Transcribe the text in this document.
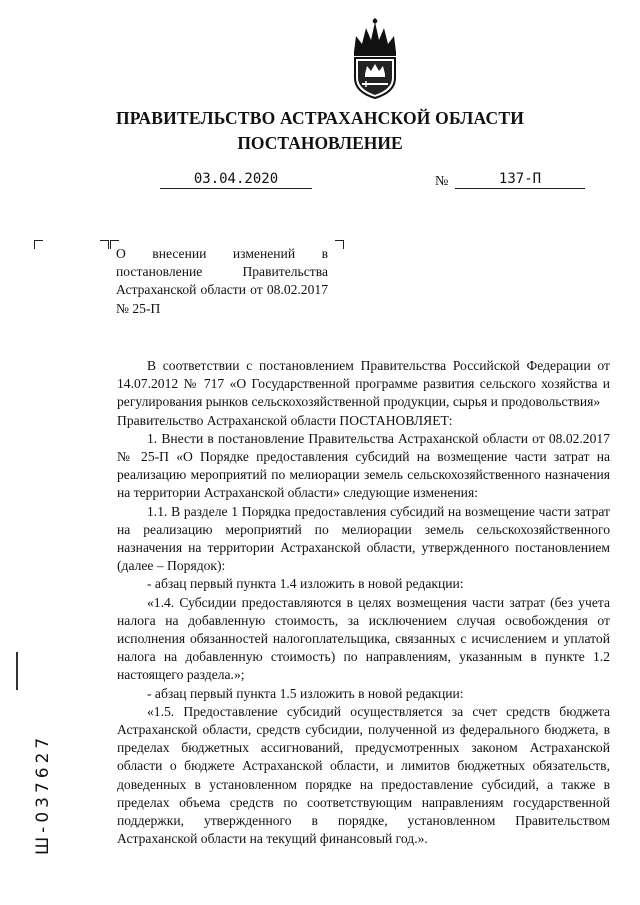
ПРАВИТЕЛЬСТВО АСТРАХАНСКОЙ ОБЛАСТИ
ПОСТАНОВЛЕНИЕ
03.04.2020	№	137-П
О внесении изменений в постановление Правительства Астраханской области от 08.02.2017 № 25-П

В соответствии с постановлением Правительства Российской Федерации от 14.07.2012 № 717 «О Государственной программе развития сельского хозяйства и регулирования рынков сельскохозяйственной продукции, сырья и продовольствия»

Правительство Астраханской области ПОСТАНОВЛЯЕТ:

1. Внести в постановление Правительства Астраханской области от 08.02.2017 № 25-П «О Порядке предоставления субсидий на возмещение части затрат на реализацию мероприятий по мелиорации земель сельскохозяйственного назначения на территории Астраханской области» следующие изменения:

1.1. В разделе 1 Порядка предоставления субсидий на возмещение части затрат на реализацию мероприятий по мелиорации земель сельскохозяйственного назначения на территории Астраханской области, утвержденного постановлением (далее – Порядок):

- абзац первый пункта 1.4 изложить в новой редакции:

«1.4. Субсидии предоставляются в целях возмещения части затрат (без учета налога на добавленную стоимость, за исключением случая освобождения от исполнения обязанностей налогоплательщика, связанных с исчислением и уплатой налога на добавленную стоимость) по направлениям, указанным в пункте 1.2 настоящего раздела.»;

- абзац первый пункта 1.5 изложить в новой редакции:

«1.5. Предоставление субсидий осуществляется за счет средств бюджета Астраханской области, средств субсидии, полученной из федерального бюджета, в пределах бюджетных ассигнований, предусмотренных законом Астраханской области о бюджете Астраханской области, и лимитов бюджетных обязательств, доведенных в установленном порядке на предоставление субсидий, а также в пределах объема средств по соответствующим направлениям государственной поддержки, утвержденного в порядке, установленном Правительством Астраханской области на текущий финансовый год.».

Ш-037627
